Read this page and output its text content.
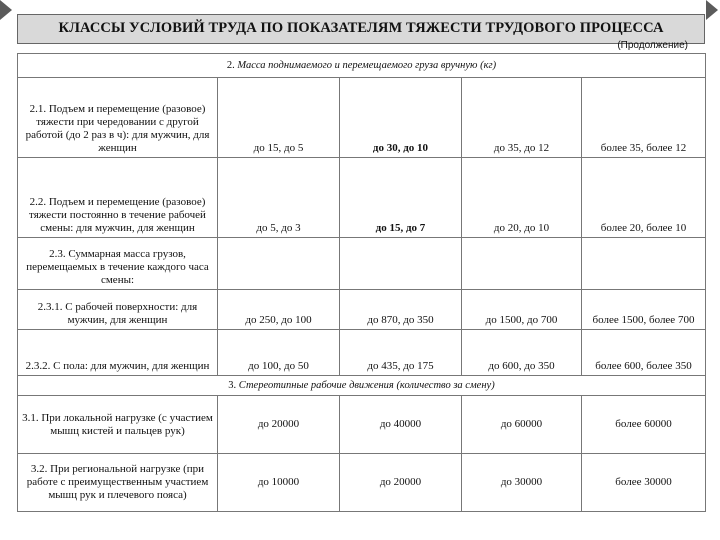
КЛАССЫ УСЛОВИЙ ТРУДА ПО ПОКАЗАТЕЛЯМ ТЯЖЕСТИ ТРУДОВОГО ПРОЦЕССА
(Продолжение)
2. Масса поднимаемого и перемещаемого груза вручную (кг)				
2.1. Подъем и перемещение (разовое) тяжести при чередовании с другой работой (до 2 раз в ч): для мужчин, для женщин	до 15, до 5	до 30, до 10	до 35, до 12	более 35, более 12
2.2. Подъем и перемещение (разовое) тяжести постоянно в течение рабочей смены: для мужчин, для женщин	до 5, до 3	до 15, до 7	до 20, до 10	более 20, более 10
2.3. Суммарная масса грузов, перемещаемых в течение каждого часа смены:				
2.3.1. С рабочей поверхности: для мужчин, для женщин	до 250, до 100	до 870, до 350	до 1500, до 700	более 1500, более 700
2.3.2. С пола: для мужчин, для женщин	до 100, до 50	до 435, до 175	до 600, до 350	более 600, более 350
3. Стереотипные рабочие движения (количество за смену)				
3.1. При локальной нагрузке (с участием мышц кистей и пальцев рук)	до 20000	до 40000	до 60000	более 60000
3.2. При региональной нагрузке (при работе с преимущественным участием мышц рук и плечевого пояса)	до 10000	до 20000	до 30000	более 30000
